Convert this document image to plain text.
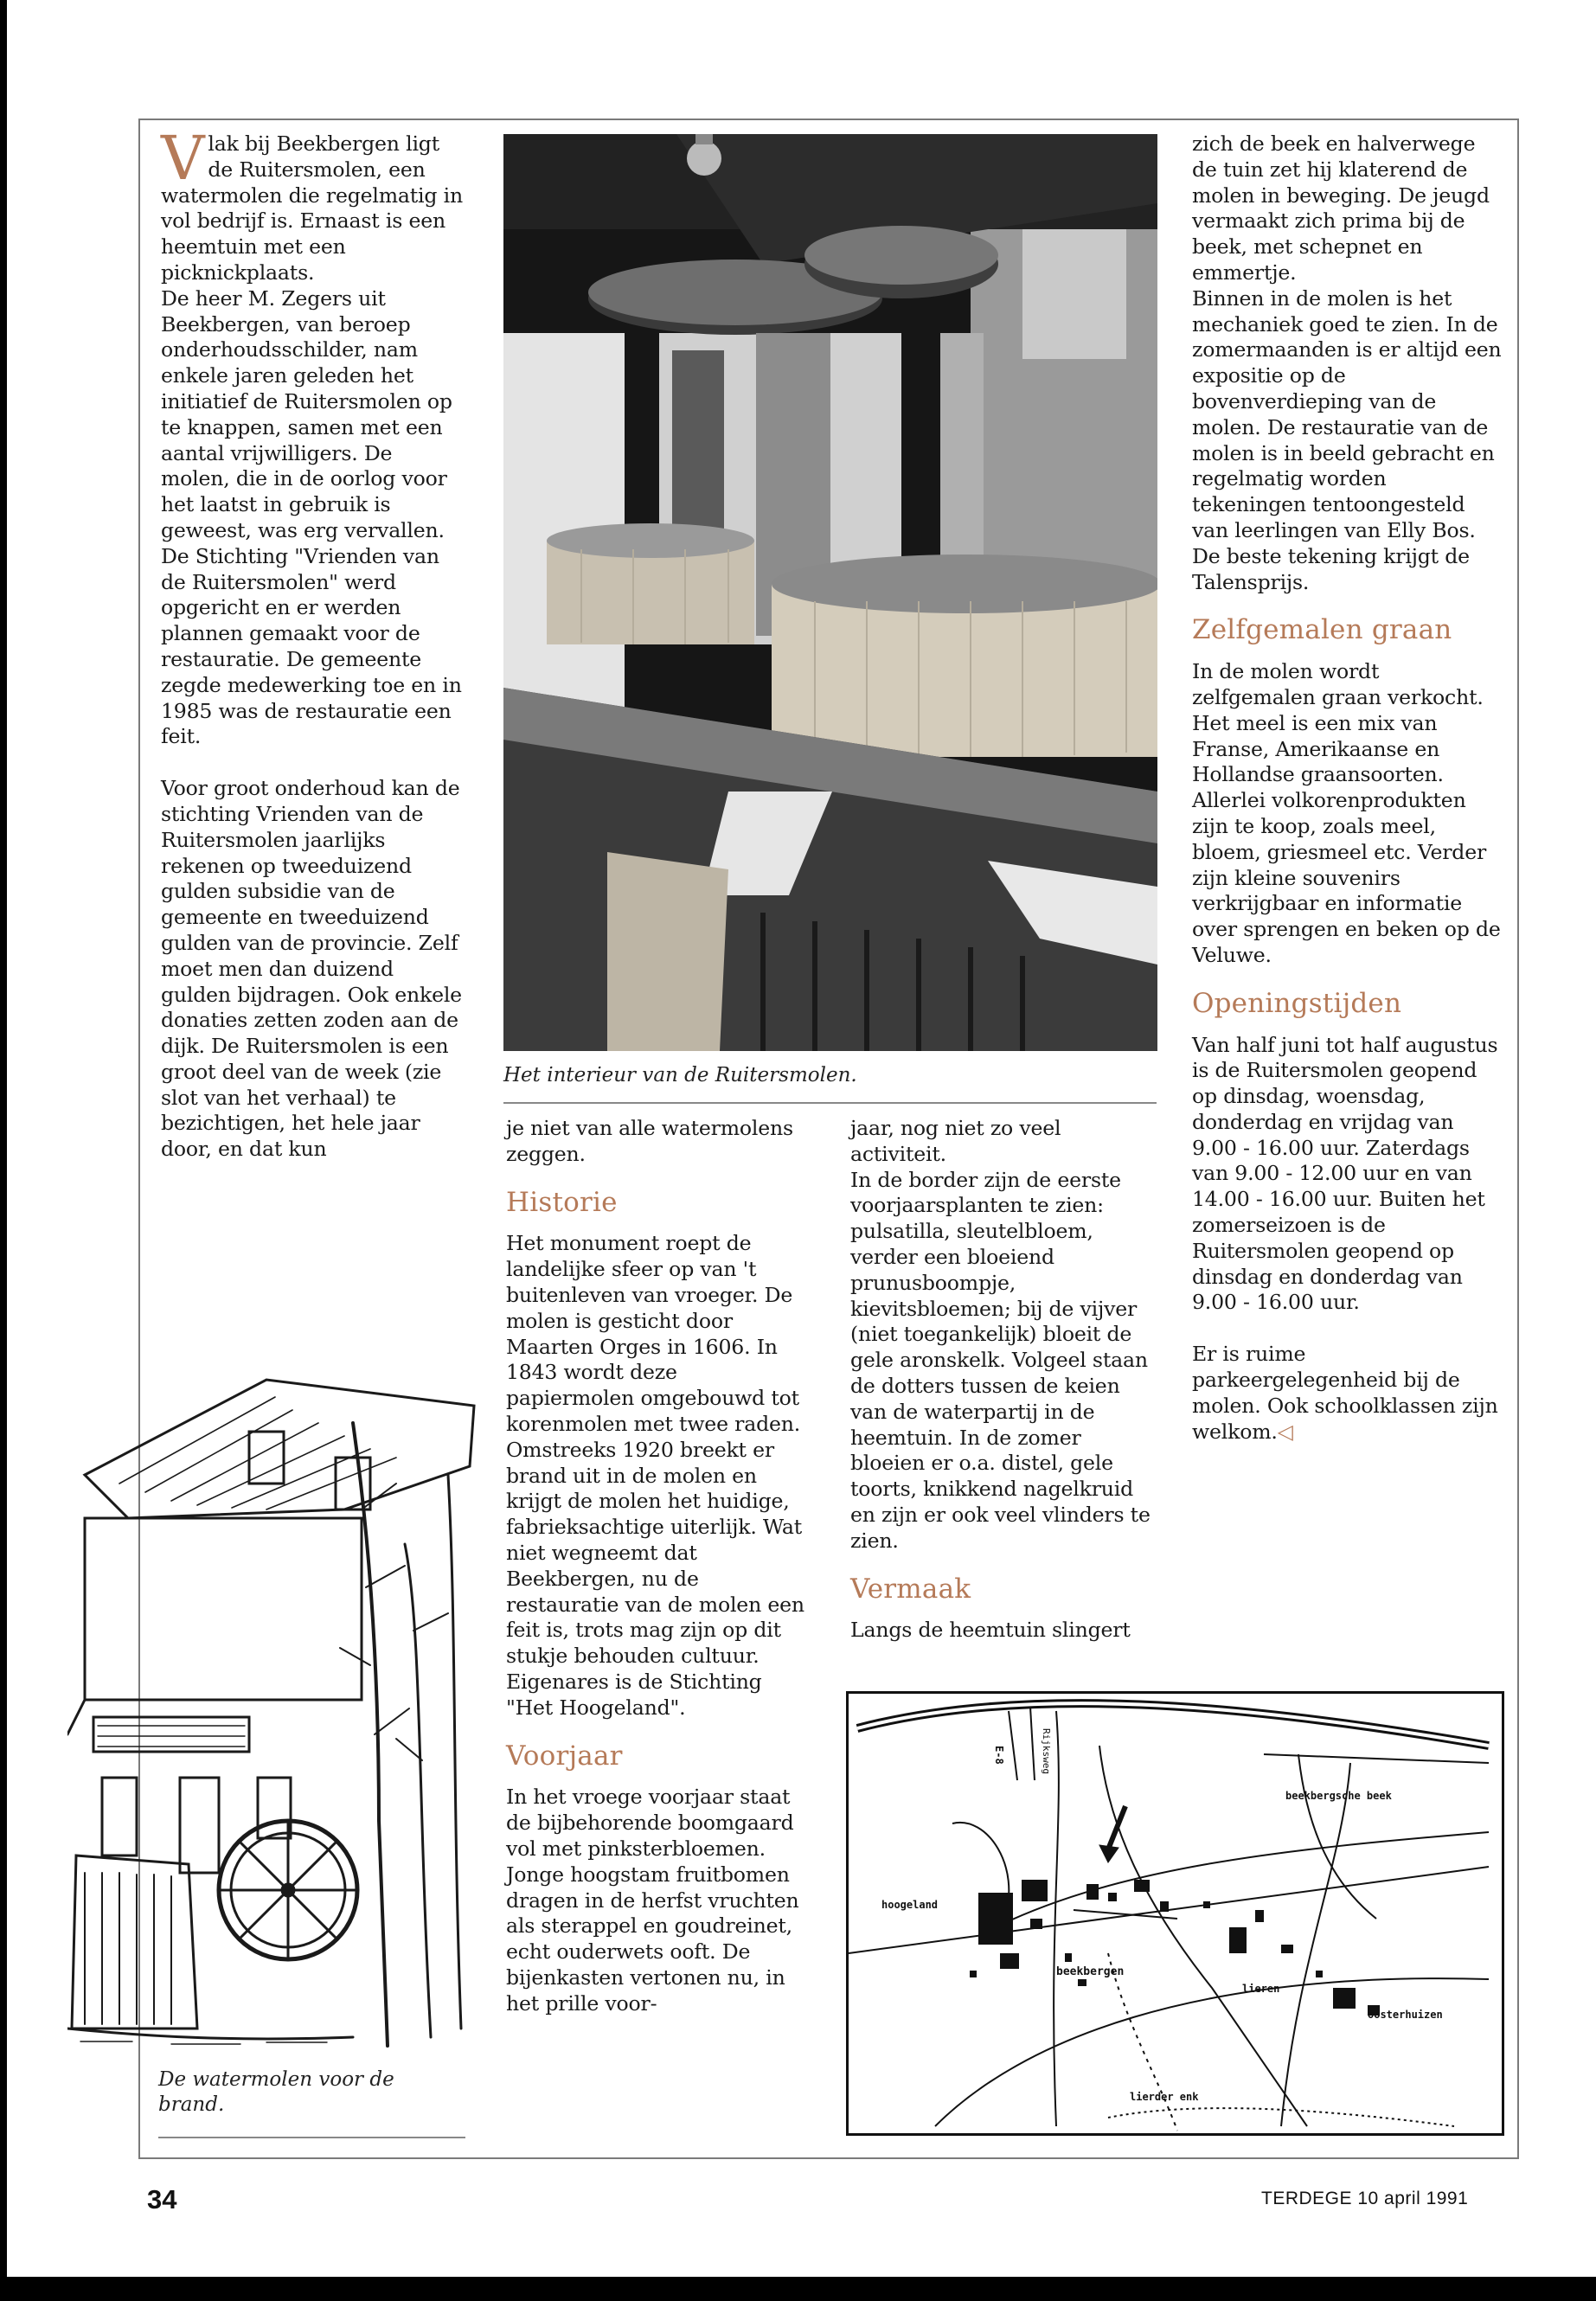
Vlak bij Beekbergen ligt de Ruitersmolen, een watermolen die regelmatig in vol bedrijf is. Ernaast is een heemtuin met een picknickplaats.

De heer M. Zegers uit Beekbergen, van beroep onderhoudsschilder, nam enkele jaren geleden het initiatief de Ruitersmolen op te knappen, samen met een aantal vrijwilligers. De molen, die in de oorlog voor het laatst in gebruik is geweest, was erg vervallen. De Stichting "Vrienden van de Ruitersmolen" werd opgericht en er werden plannen gemaakt voor de restauratie. De gemeente zegde medewerking toe en in 1985 was de restauratie een feit.

Voor groot onderhoud kan de stichting Vrienden van de Ruitersmolen jaarlijks rekenen op tweeduizend gulden subsidie van de gemeente en tweeduizend gulden van de provincie. Zelf moet men dan duizend gulden bijdragen. Ook enkele donaties zetten zoden aan de dijk. De Ruitersmolen is een groot deel van de week (zie slot van het verhaal) te bezichtigen, het hele jaar door, en dat kun

Het interieur van de Ruitersmolen.

je niet van alle watermolens zeggen.

Historie

Het monument roept de landelijke sfeer op van 't buitenleven van vroeger. De molen is gesticht door Maarten Orges in 1606. In 1843 wordt deze papiermolen omgebouwd tot korenmolen met twee raden. Omstreeks 1920 breekt er brand uit in de molen en krijgt de molen het huidige, fabrieksachtige uiterlijk. Wat niet wegneemt dat Beekbergen, nu de restauratie van de molen een feit is, trots mag zijn op dit stukje behouden cultuur. Eigenares is de Stichting "Het Hoogeland".

Voorjaar

In het vroege voorjaar staat de bijbehorende boomgaard vol met pinksterbloemen. Jonge hoogstam fruitbomen dragen in de herfst vruchten als sterappel en goudreinet, echt ouderwets ooft. De bijenkasten vertonen nu, in het prille voor-

jaar, nog niet zo veel activiteit.

In de border zijn de eerste voorjaarsplanten te zien: pulsatilla, sleutelbloem, verder een bloeiend prunusboompje, kievitsbloemen; bij de vijver (niet toegankelijk) bloeit de gele aronskelk. Volgeel staan de dotters tussen de keien van de waterpartij in de heemtuin. In de zomer bloeien er o.a. distel, gele toorts, knikkend nagelkruid en zijn er ook veel vlinders te zien.

Vermaak

Langs de heemtuin slingert

zich de beek en halverwege de tuin zet hij klaterend de molen in beweging. De jeugd vermaakt zich prima bij de beek, met schepnet en emmertje.

Binnen in de molen is het mechaniek goed te zien. In de zomermaanden is er altijd een expositie op de bovenverdieping van de molen. De restauratie van de molen is in beeld gebracht en regelmatig worden tekeningen tentoongesteld van leerlingen van Elly Bos. De beste tekening krijgt de Talensprijs.

Zelfgemalen graan

In de molen wordt zelfgemalen graan verkocht. Het meel is een mix van Franse, Amerikaanse en Hollandse graansoorten. Allerlei volkorenprodukten zijn te koop, zoals meel, bloem, griesmeel etc. Verder zijn kleine souvenirs verkrijgbaar en informatie over sprengen en beken op de Veluwe.

Openingstijden

Van half juni tot half augustus is de Ruitersmolen geopend op dinsdag, woensdag, donderdag en vrijdag van 9.00 - 16.00 uur. Zaterdags van 9.00 - 12.00 uur en van 14.00 - 16.00 uur. Buiten het zomerseizoen is de Ruitersmolen geopend op dinsdag en donderdag van 9.00 - 16.00 uur.

Er is ruime parkeergelegenheid bij de molen. Ook schoolklassen zijn welkom.◁

De watermolen voor de brand.
beekbergen
beekbergsche beek
hoogeland
lieren
oosterhuizen
lierder enk
E-8	Rijksweg
34	TERDEGE 10 april 1991
